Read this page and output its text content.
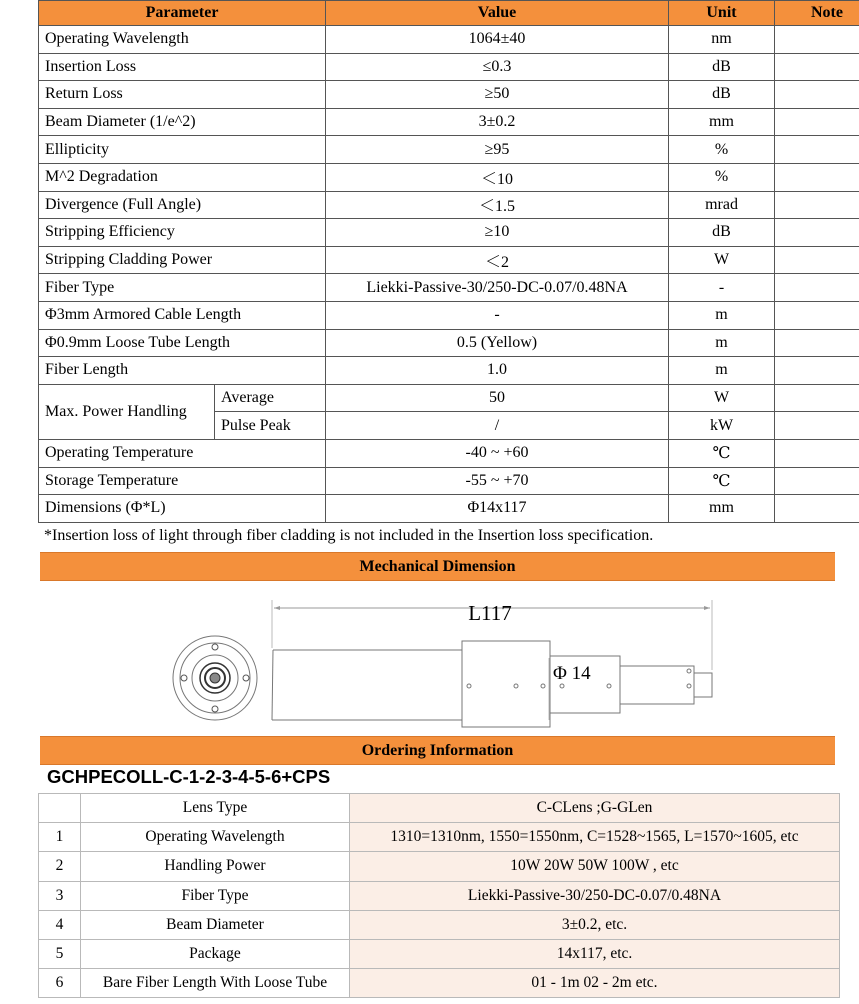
Parameter		Value	Unit	Note
Operating Wavelength		1064±40	nm	
Insertion Loss		≤0.3	dB	
Return Loss		≥50	dB	
Beam Diameter (1/e^2)		3±0.2	mm	
Ellipticity		≥95	%	
M^2 Degradation		＜10	%	
Divergence (Full Angle)		＜1.5	mrad	
Stripping Efficiency		≥10	dB	
Stripping Cladding Power		＜2	W	
Fiber Type		Liekki-Passive-30/250-DC-0.07/0.48NA	-	
Φ3mm Armored Cable Length		-	m	
Φ0.9mm Loose Tube Length		0.5 (Yellow)	m	
Fiber Length		1.0	m	
Max. Power Handling	Average	50	W	
	Pulse Peak	/	kW	
Operating Temperature		-40 ~ +60	℃	
Storage Temperature		-55 ~ +70	℃	
Dimensions (Φ*L)		Φ14x117	mm	
*Insertion loss of light through fiber cladding is not included in the Insertion loss specification.
Mechanical Dimension
L117
Φ 14
Ordering Information
GCHPECOLL-C-1-2-3-4-5-6+CPS
	Lens Type	C-CLens ;G-GLen
1	Operating Wavelength	1310=1310nm, 1550=1550nm, C=1528~1565, L=1570~1605, etc
2	Handling Power	10W 20W 50W 100W , etc
3	Fiber Type	Liekki-Passive-30/250-DC-0.07/0.48NA
4	Beam Diameter	3±0.2, etc.
5	Package	14x117, etc.
6	Bare Fiber Length With Loose Tube	01 - 1m 02 - 2m etc.
